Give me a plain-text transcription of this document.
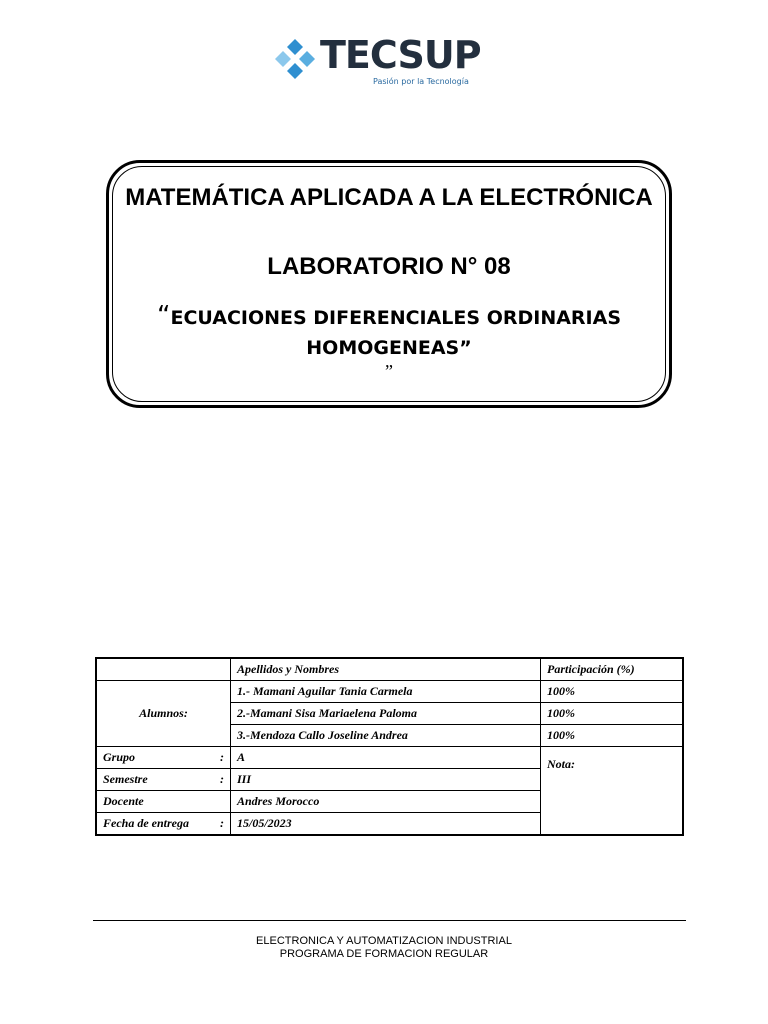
TECSUP
Pasión por la Tecnología
MATEMÁTICA APLICADA A LA ELECTRÓNICA
LABORATORIO N° 08
“ECUACIONES DIFERENCIALES ORDINARIAS HOMOGENEAS”
”
	Apellidos y Nombres	Participación (%)
Alumnos:	1.- Mamani Aguilar Tania Carmela	100%
	2.-Mamani Sisa Mariaelena Paloma	100%
	3.-Mendoza Callo Joseline Andrea	100%

Grupo :	A	Nota:

Semestre :	III	

Docente	Andres Morocco	

Fecha de entrega :	15/05/2023	
ELECTRONICA Y AUTOMATIZACION INDUSTRIAL
PROGRAMA DE FORMACION REGULAR
